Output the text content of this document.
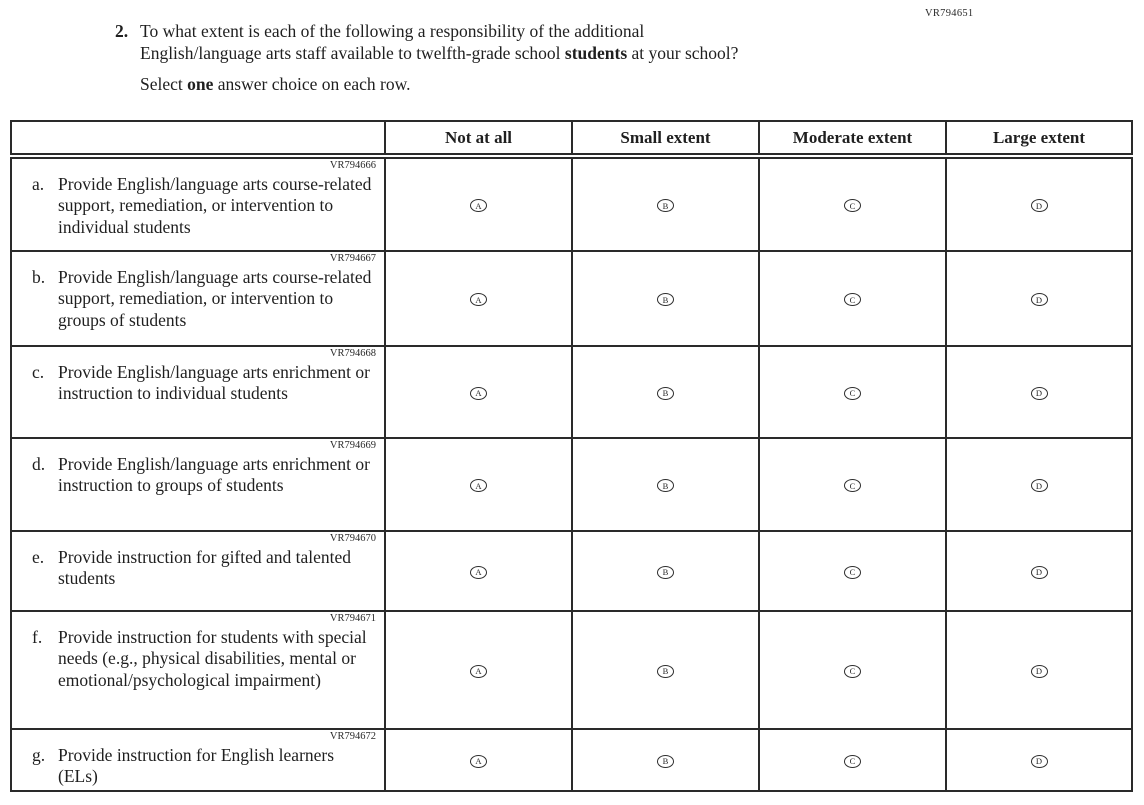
VR794651
2. To what extent is each of the following a responsibility of the additional English/language arts staff available to twelfth-grade school students at your school?
Select one answer choice on each row.
	Not at all	Small extent	Moderate extent	Large extent

VR794666
a. Provide English/language arts course-related support, remediation, or intervention to individual students	A	B	C	D

VR794667
b. Provide English/language arts course-related support, remediation, or intervention to groups of students	A	B	C	D

VR794668
c. Provide English/language arts enrichment or instruction to individual students	A	B	C	D

VR794669
d. Provide English/language arts enrichment or instruction to groups of students	A	B	C	D

VR794670
e. Provide instruction for gifted and talented students	A	B	C	D

VR794671
f. Provide instruction for students with special needs (e.g., physical disabilities, mental or emotional/psychological impairment)	A	B	C	D

VR794672
g. Provide instruction for English learners (ELs)	A	B	C	D
